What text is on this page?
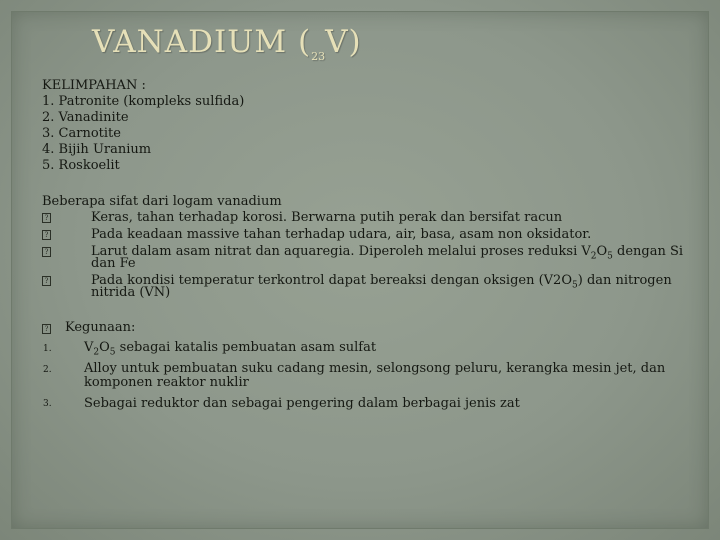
VANADIUM $(_{23}V)$
KELIMPAHAN :
1. Patronite (kompleks sulfida)
2. Vanadinite
3. Carnotite
4. Bijih Uranium
5. Roskoelit
Beberapa sifat dari logam vanadium
?	Keras, tahan terhadap korosi. Berwarna putih perak dan bersifat racun
?	Pada keadaan massive tahan terhadap udara, air, basa, asam non oksidator.
?	Larut dalam asam nitrat dan aquaregia. Diperoleh melalui proses reduksi $V_2O_5$ dengan Si
dan Fe
?	Pada kondisi temperatur terkontrol dapat bereaksi dengan oksigen $(V2O_5)$ dan nitrogen
nitrida (VN)
? Kegunaan:
1. $V_2O_5$ sebagai katalis pembuatan asam sulfat
2. Alloy untuk pembuatan suku cadang mesin, selongsong peluru, kerangka mesin jet, dan
komponen reaktor nuklir
3. Sebagai reduktor dan sebagai pengering dalam berbagai jenis zat
